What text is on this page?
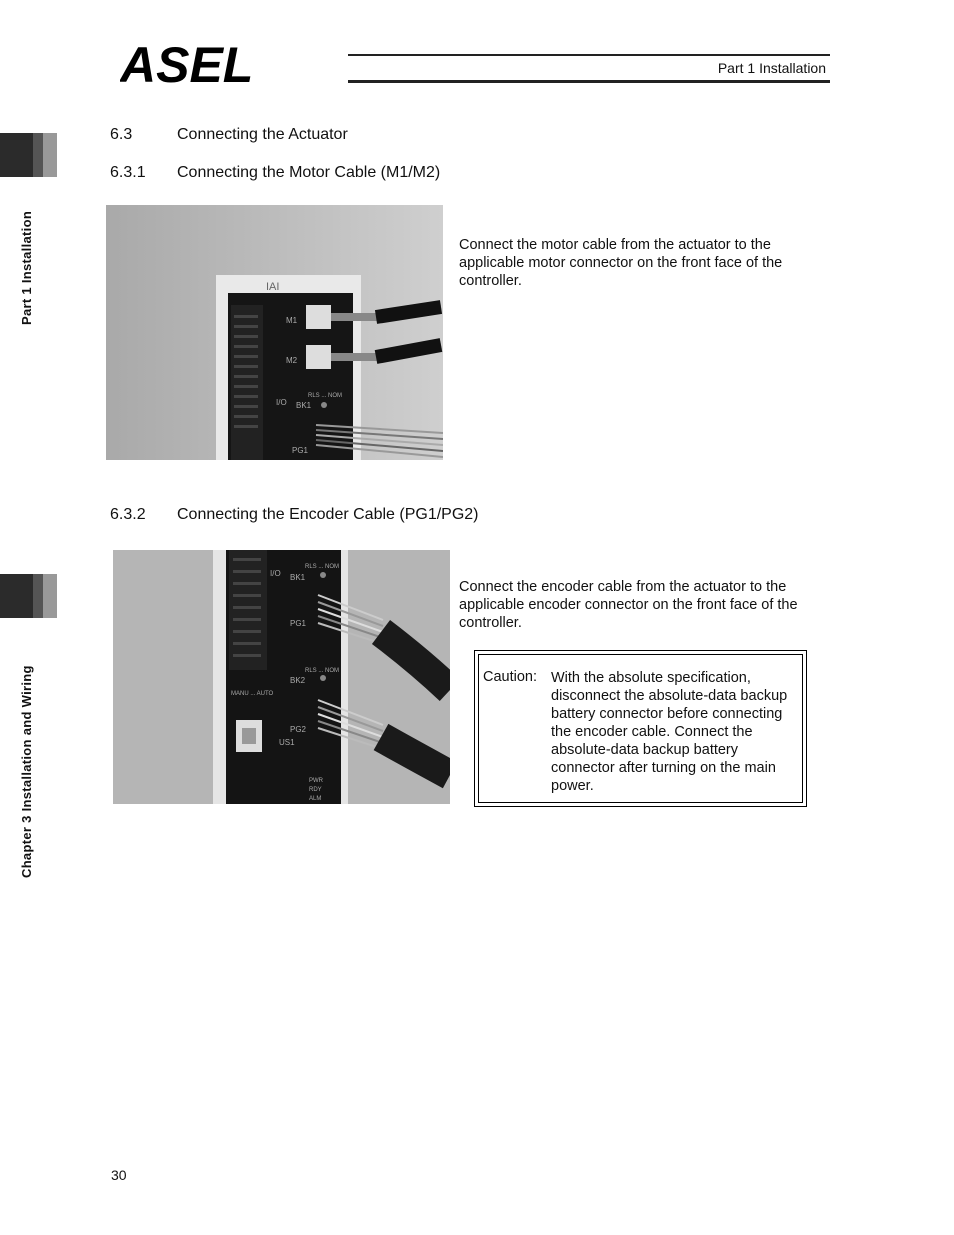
ASEL	Part 1 Installation
Part 1 Installation
Chapter 3 Installation and Wiring
6.3	Connecting the Actuator
6.3.1 Connecting the Motor Cable (M1/M2)
IAI
M1
M2
I/O BK1
RLS ... NOM
PG1
Connect the motor cable from the actuator to the applicable motor connector on the front face of the controller.
6.3.2 Connecting the Encoder Cable (PG1/PG2)
I/O BK1
RLS ... NOM
PG1
BK2
RLS ... NOM
MANU ... AUTO
PG2
US1
PWR
RDY
ALM
Connect the encoder cable from the actuator to the applicable encoder connector on the front face of the controller.
Caution: With the absolute specification, disconnect the absolute-data backup battery connector before connecting the encoder cable. Connect the absolute-data backup battery connector after turning on the main power.
30
